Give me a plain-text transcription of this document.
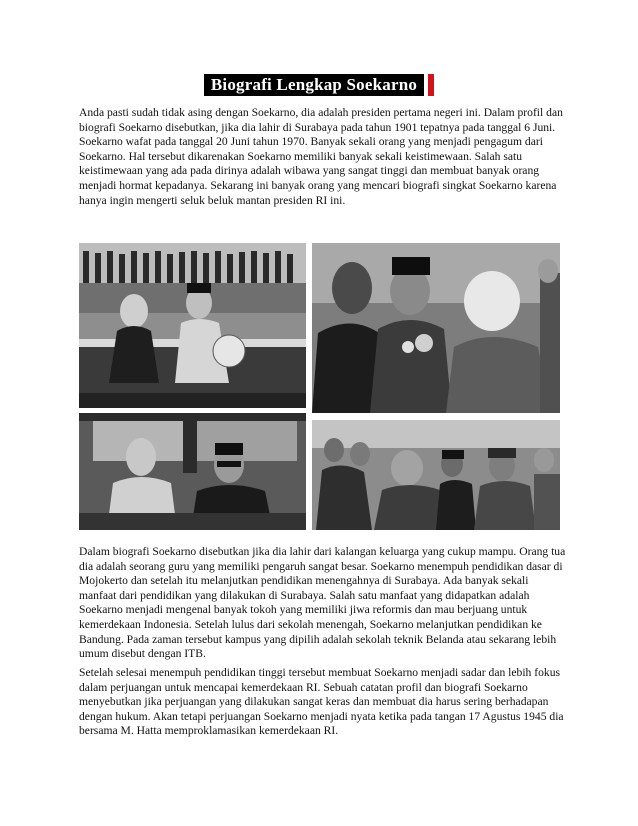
Biografi Lengkap Soekarno

Anda pasti sudah tidak asing dengan Soekarno, dia adalah presiden pertama negeri ini. Dalam profil dan biografi Soekarno disebutkan, jika dia lahir di Surabaya pada tahun 1901 tepatnya pada tanggal 6 Juni. Soekarno wafat pada tanggal 20 Juni tahun 1970. Banyak sekali orang yang menjadi pengagum dari Soekarno. Hal tersebut dikarenakan Soekarno memiliki banyak sekali keistimewaan. Salah satu keistimewaan yang ada pada dirinya adalah wibawa yang sangat tinggi dan membuat banyak orang menjadi hormat kepadanya. Sekarang ini banyak orang yang mencari biografi singkat Soekarno karena hanya ingin mengerti seluk beluk mantan presiden RI ini.

Dalam biografi Soekarno disebutkan jika dia lahir dari kalangan keluarga yang cukup mampu. Orang tua dia adalah seorang guru yang memiliki pengaruh sangat besar. Soekarno menempuh pendidikan dasar di Mojokerto dan setelah itu melanjutkan pendidikan menengahnya di Surabaya. Ada banyak sekali manfaat dari pendidikan yang dilakukan di Surabaya. Salah satu manfaat yang didapatkan adalah Soekarno menjadi mengenal banyak tokoh yang memiliki jiwa reformis dan mau berjuang untuk kemerdekaan Indonesia. Setelah lulus dari sekolah menengah, Soekarno melanjutkan pendidikan ke Bandung. Pada zaman tersebut kampus yang dipilih adalah sekolah teknik Belanda atau sekarang lebih umum disebut dengan ITB.

Setelah selesai menempuh pendidikan tinggi tersebut membuat Soekarno menjadi sadar dan lebih fokus dalam perjuangan untuk mencapai kemerdekaan RI. Sebuah catatan profil dan biografi Soekarno menyebutkan jika perjuangan yang dilakukan sangat keras dan membuat dia harus sering berhadapan dengan hukum. Akan tetapi perjuangan Soekarno menjadi nyata ketika pada tangan 17 Agustus 1945 dia bersama M. Hatta memproklamasikan kemerdekaan RI.
